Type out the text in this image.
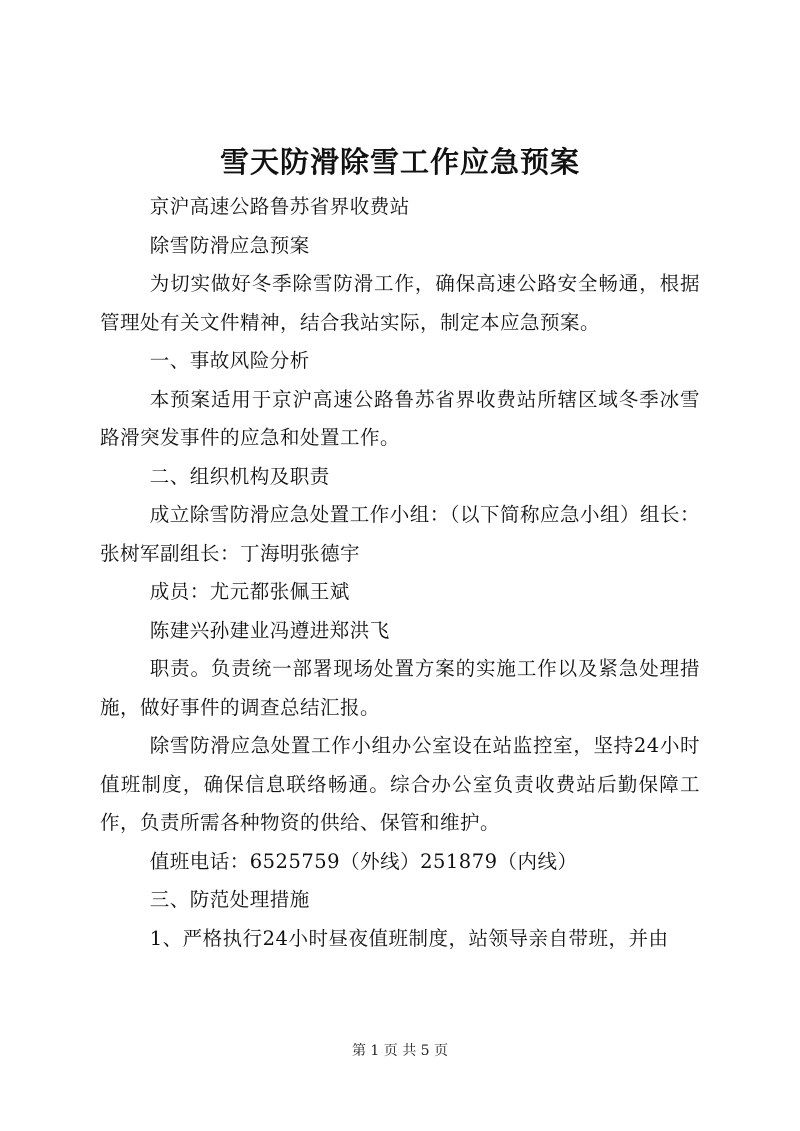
雪天防滑除雪工作应急预案

京沪高速公路鲁苏省界收费站

除雪防滑应急预案

为切实做好冬季除雪防滑工作，确保高速公路安全畅通，根据管理处有关文件精神，结合我站实际，制定本应急预案。

一、事故风险分析

本预案适用于京沪高速公路鲁苏省界收费站所辖区域冬季冰雪路滑突发事件的应急和处置工作。

二、组织机构及职责

成立除雪防滑应急处置工作小组：（以下简称应急小组）组长：张树军副组长：丁海明张德宇

成员：尤元都张佩王斌

陈建兴孙建业冯遵进郑洪飞

职责。负责统一部署现场处置方案的实施工作以及紧急处理措施，做好事件的调查总结汇报。

除雪防滑应急处置工作小组办公室设在站监控室，坚持24小时值班制度，确保信息联络畅通。综合办公室负责收费站后勤保障工作，负责所需各种物资的供给、保管和维护。

值班电话：6525759（外线）251879（内线）

三、防范处理措施

1、严格执行24小时昼夜值班制度，站领导亲自带班，并由

第 1 页 共 5 页
